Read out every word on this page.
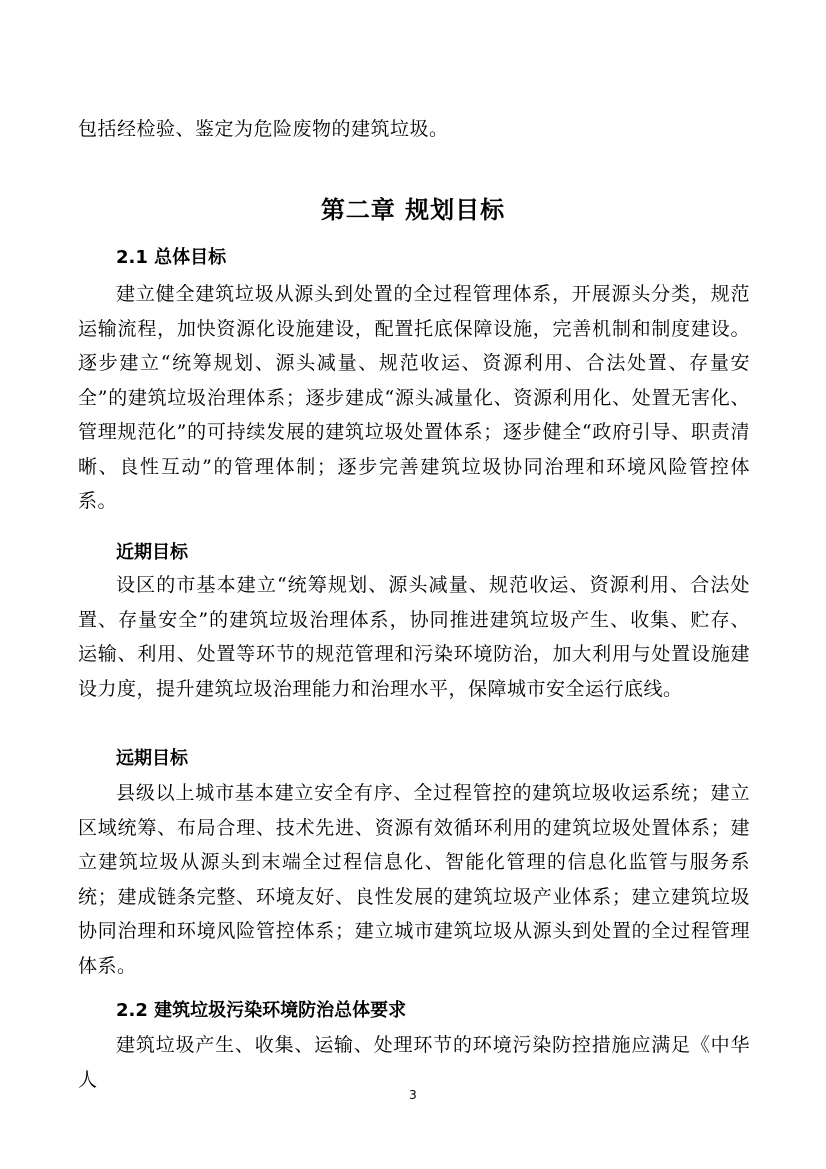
包括经检验、鉴定为危险废物的建筑垃圾。

第二章 规划目标
2.1 总体目标

建立健全建筑垃圾从源头到处置的全过程管理体系，开展源头分类，规范运输流程，加快资源化设施建设，配置托底保障设施，完善机制和制度建设。逐步建立“统筹规划、源头减量、规范收运、资源利用、合法处置、存量安全”的建筑垃圾治理体系；逐步建成“源头减量化、资源利用化、处置无害化、管理规范化”的可持续发展的建筑垃圾处置体系；逐步健全“政府引导、职责清晰、良性互动”的管理体制；逐步完善建筑垃圾协同治理和环境风险管控体系。

近期目标

设区的市基本建立“统筹规划、源头减量、规范收运、资源利用、合法处置、存量安全”的建筑垃圾治理体系，协同推进建筑垃圾产生、收集、贮存、运输、利用、处置等环节的规范管理和污染环境防治，加大利用与处置设施建设力度，提升建筑垃圾治理能力和治理水平，保障城市安全运行底线。

远期目标

县级以上城市基本建立安全有序、全过程管控的建筑垃圾收运系统；建立区域统筹、布局合理、技术先进、资源有效循环利用的建筑垃圾处置体系；建立建筑垃圾从源头到末端全过程信息化、智能化管理的信息化监管与服务系统；建成链条完整、环境友好、良性发展的建筑垃圾产业体系；建立建筑垃圾协同治理和环境风险管控体系；建立城市建筑垃圾从源头到处置的全过程管理体系。

2.2 建筑垃圾污染环境防治总体要求

建筑垃圾产生、收集、运输、处理环节的环境污染防控措施应满足《中华人

3
